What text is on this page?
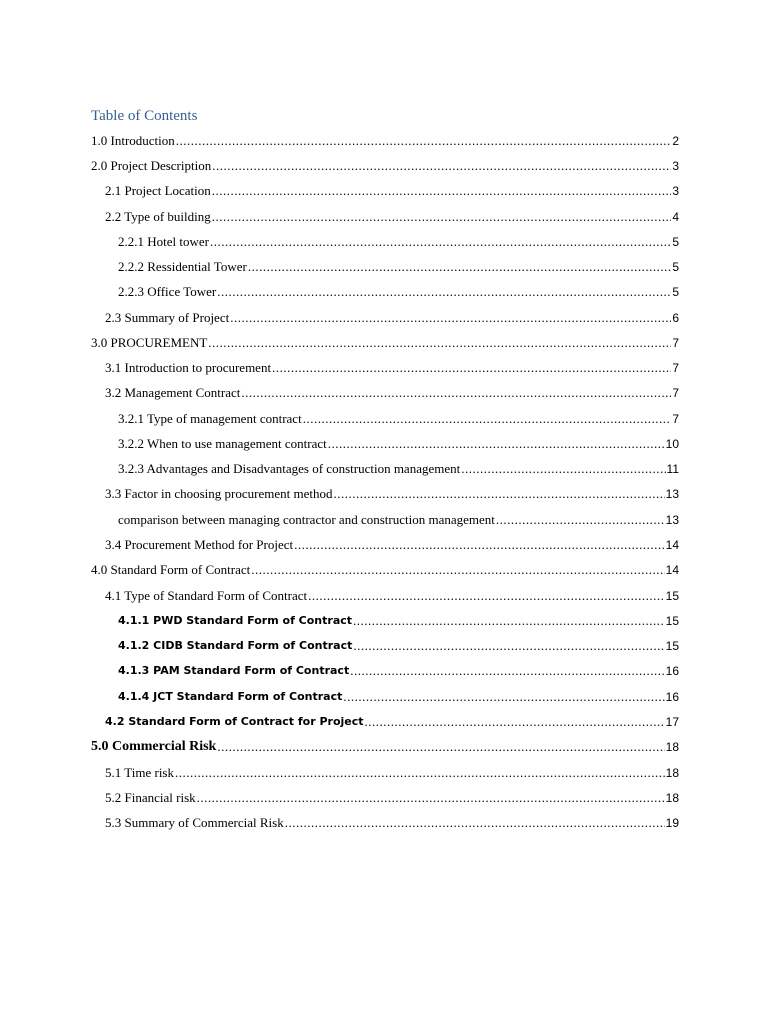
Table of Contents
1.0 Introduction .....	2
2.0 Project Description .....	3
2.1 Project Location .....	3
2.2 Type of building .....	4
2.2.1 Hotel tower .....	5
2.2.2 Ressidential Tower .....	5
2.2.3 Office Tower .....	5
2.3 Summary of Project .....	6
3.0 PROCUREMENT .....	7
3.1 Introduction to procurement .....	7
3.2 Management Contract .....	7
3.2.1 Type of management contract .....	7
3.2.2 When to use management contract .....	10
3.2.3 Advantages and Disadvantages of construction management .....	11
3.3 Factor in choosing procurement method .....	13
comparison between managing contractor and construction management .....	13
3.4 Procurement Method for Project .....	14
4.0 Standard Form of Contract .....	14
4.1 Type of Standard Form of Contract .....	15
4.1.1 PWD Standard Form of Contract .....	15
4.1.2 CIDB Standard Form of Contract .....	15
4.1.3 PAM Standard Form of Contract .....	16
4.1.4 JCT Standard Form of Contract .....	16
4.2 Standard Form of Contract for Project .....	17
5.0 Commercial Risk .....	18
5.1 Time risk .....	18
5.2 Financial risk .....	18
5.3 Summary of Commercial Risk .....	19
